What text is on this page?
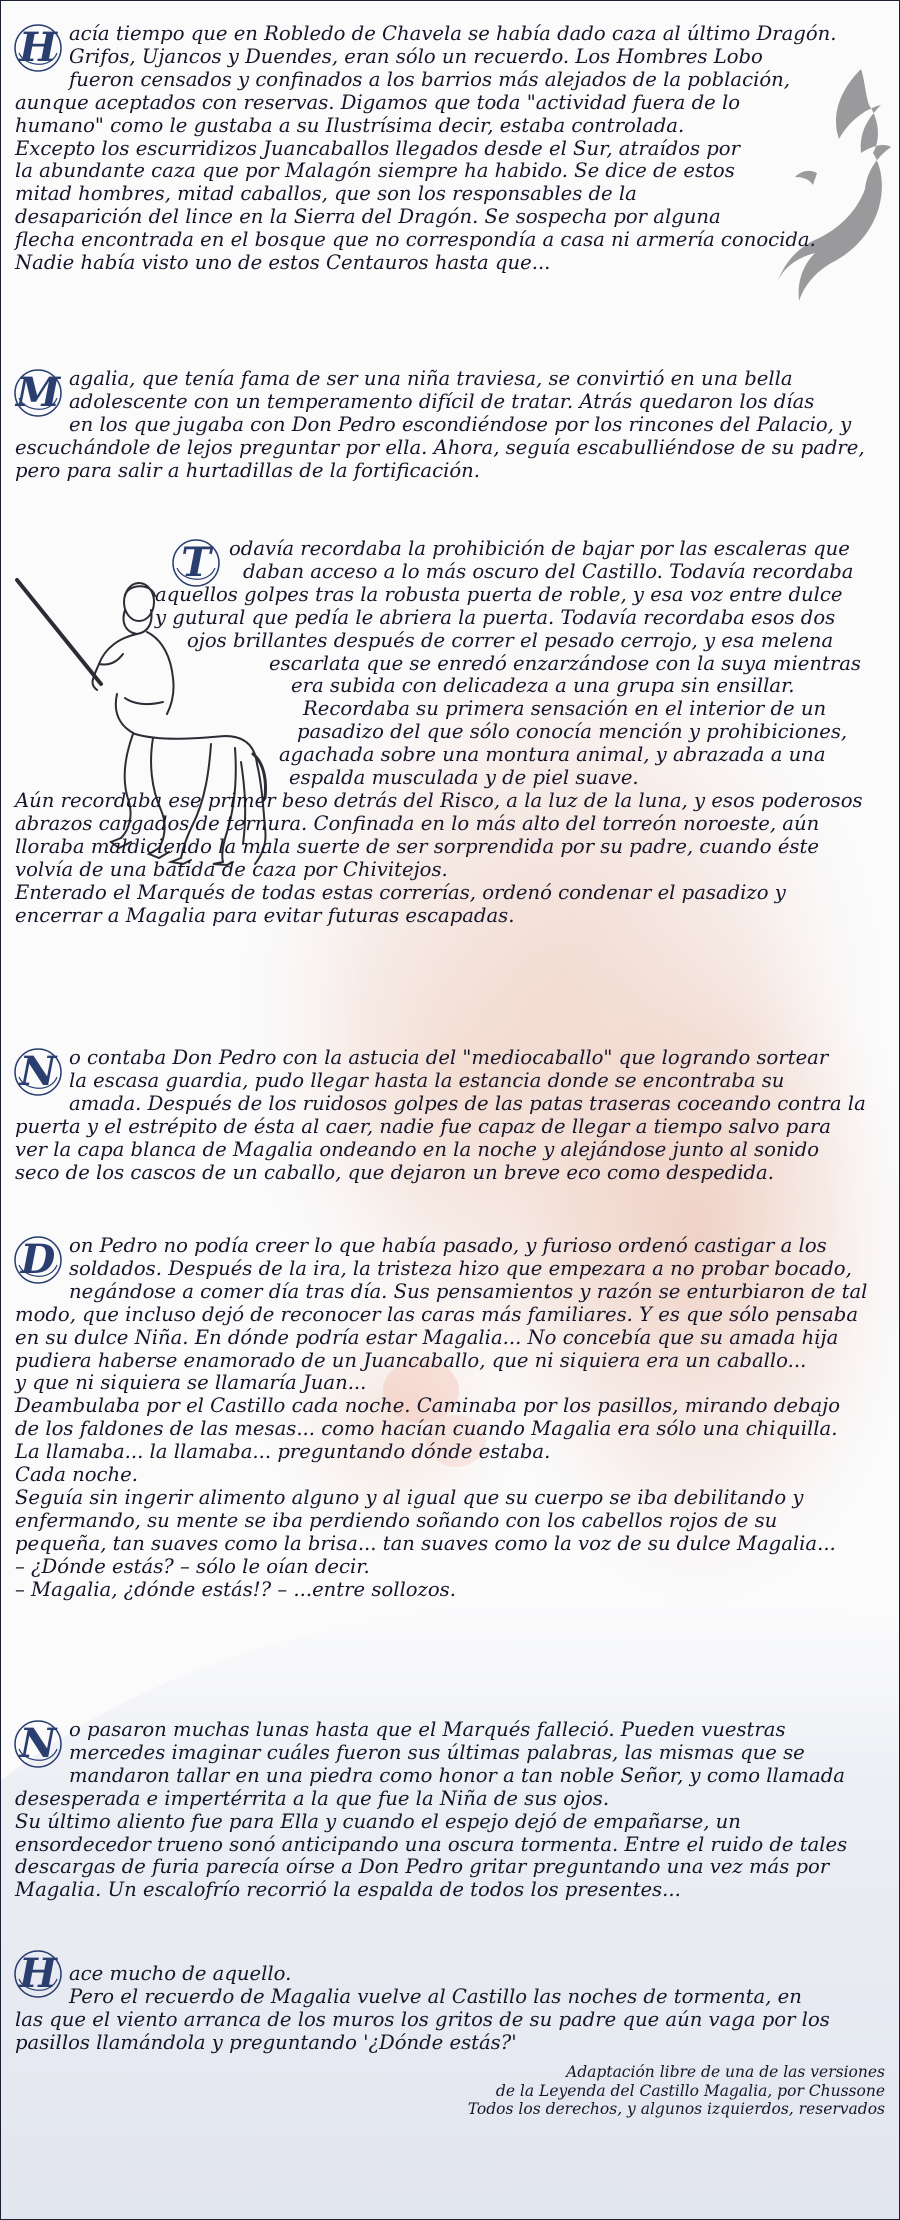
H acía tiempo que en Robledo de Chavela se había dado caza al último Dragón.

Grifos, Ujancos y Duendes, eran sólo un recuerdo. Los Hombres Lobo

fueron censados y confinados a los barrios más alejados de la población,

aunque aceptados con reservas. Digamos que toda "actividad fuera de lo

humano" como le gustaba a su Ilustrísima decir, estaba controlada.

Excepto los escurridizos Juancaballos llegados desde el Sur, atraídos por

la abundante caza que por Malagón siempre ha habido. Se dice de estos

mitad hombres, mitad caballos, que son los responsables de la

desaparición del lince en la Sierra del Dragón. Se sospecha por alguna

flecha encontrada en el bosque que no correspondía a casa ni armería conocida.

Nadie había visto uno de estos Centauros hasta que...

M agalia, que tenía fama de ser una niña traviesa, se convirtió en una bella

adolescente con un temperamento difícil de tratar. Atrás quedaron los días

en los que jugaba con Don Pedro escondiéndose por los rincones del Palacio, y

escuchándole de lejos preguntar por ella. Ahora, seguía escabulliéndose de su padre,

pero para salir a hurtadillas de la fortificación.

T odavía recordaba la prohibición de bajar por las escaleras que

daban acceso a lo más oscuro del Castillo. Todavía recordaba

aquellos golpes tras la robusta puerta de roble, y esa voz entre dulce

y gutural que pedía le abriera la puerta. Todavía recordaba esos dos

ojos brillantes después de correr el pesado cerrojo, y esa melena

escarlata que se enredó enzarzándose con la suya mientras

era subida con delicadeza a una grupa sin ensillar.

Recordaba su primera sensación en el interior de un

pasadizo del que sólo conocía mención y prohibiciones,

agachada sobre una montura animal, y abrazada a una

espalda musculada y de piel suave.

Aún recordaba ese primer beso detrás del Risco, a la luz de la luna, y esos poderosos

abrazos cargados de ternura. Confinada en lo más alto del torreón noroeste, aún

lloraba maldiciendo la mala suerte de ser sorprendida por su padre, cuando éste

volvía de una batida de caza por Chivitejos.

Enterado el Marqués de todas estas correrías, ordenó condenar el pasadizo y

encerrar a Magalia para evitar futuras escapadas.

N o contaba Don Pedro con la astucia del "mediocaballo" que logrando sortear

la escasa guardia, pudo llegar hasta la estancia donde se encontraba su

amada. Después de los ruidosos golpes de las patas traseras coceando contra la

puerta y el estrépito de ésta al caer, nadie fue capaz de llegar a tiempo salvo para

ver la capa blanca de Magalia ondeando en la noche y alejándose junto al sonido

seco de los cascos de un caballo, que dejaron un breve eco como despedida.

D on Pedro no podía creer lo que había pasado, y furioso ordenó castigar a los

soldados. Después de la ira, la tristeza hizo que empezara a no probar bocado,

negándose a comer día tras día. Sus pensamientos y razón se enturbiaron de tal

modo, que incluso dejó de reconocer las caras más familiares. Y es que sólo pensaba

en su dulce Niña. En dónde podría estar Magalia... No concebía que su amada hija

pudiera haberse enamorado de un Juancaballo, que ni siquiera era un caballo...

y que ni siquiera se llamaría Juan...

Deambulaba por el Castillo cada noche. Caminaba por los pasillos, mirando debajo

de los faldones de las mesas... como hacían cuando Magalia era sólo una chiquilla.

La llamaba... la llamaba... preguntando dónde estaba.

Cada noche.

Seguía sin ingerir alimento alguno y al igual que su cuerpo se iba debilitando y

enfermando, su mente se iba perdiendo soñando con los cabellos rojos de su

pequeña, tan suaves como la brisa... tan suaves como la voz de su dulce Magalia...

– ¿Dónde estás? – sólo le oían decir.

– Magalia, ¿dónde estás!? – ...entre sollozos.

N o pasaron muchas lunas hasta que el Marqués falleció. Pueden vuestras

mercedes imaginar cuáles fueron sus últimas palabras, las mismas que se

mandaron tallar en una piedra como honor a tan noble Señor, y como llamada

desesperada e impertérrita a la que fue la Niña de sus ojos.

Su último aliento fue para Ella y cuando el espejo dejó de empañarse, un

ensordecedor trueno sonó anticipando una oscura tormenta. Entre el ruido de tales

descargas de furia parecía oírse a Don Pedro gritar preguntando una vez más por

Magalia. Un escalofrío recorrió la espalda de todos los presentes...

H ace mucho de aquello.

Pero el recuerdo de Magalia vuelve al Castillo las noches de tormenta, en

las que el viento arranca de los muros los gritos de su padre que aún vaga por los

pasillos llamándola y preguntando '¿Dónde estás?'

Adaptación libre de una de las versiones
de la Leyenda del Castillo Magalia, por Chussone
Todos los derechos, y algunos izquierdos, reservados
